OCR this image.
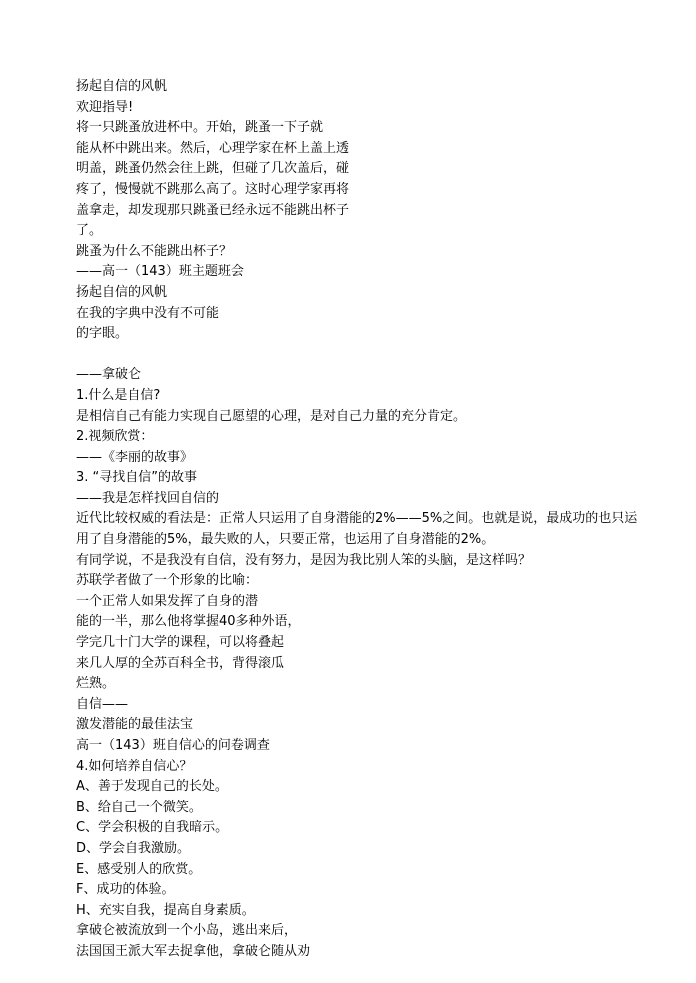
扬起自信的风帆
欢迎指导!
将一只跳蚤放进杯中。开始，跳蚤一下子就
能从杯中跳出来。然后，心理学家在杯上盖上透
明盖，跳蚤仍然会往上跳，但碰了几次盖后，碰
疼了，慢慢就不跳那么高了。这时心理学家再将
盖拿走，却发现那只跳蚤已经永远不能跳出杯子
了。
跳蚤为什么不能跳出杯子？
——高一（143）班主题班会
扬起自信的风帆
在我的字典中没有不可能
的字眼。
——拿破仑
1.什么是自信?
是相信自己有能力实现自己愿望的心理，是对自己力量的充分肯定。
2.视频欣赏：
——《李丽的故事》
3. “寻找自信”的故事
——我是怎样找回自信的
近代比较权威的看法是：正常人只运用了自身潜能的2%——5%之间。也就是说，最成功的也只运
用了自身潜能的5%，最失败的人，只要正常，也运用了自身潜能的2%。
有同学说，不是我没有自信，没有努力，是因为我比别人笨的头脑，是这样吗？
苏联学者做了一个形象的比喻：
一个正常人如果发挥了自身的潜
能的一半，那么他将掌握40多种外语，
学完几十门大学的课程，可以将叠起
来几人厚的全苏百科全书，背得滚瓜
烂熟。
自信——
激发潜能的最佳法宝
高一（143）班自信心的问卷调查
4.如何培养自信心？
A、善于发现自己的长处。
B、给自己一个微笑。
C、学会积极的自我暗示。
D、学会自我激励。
E、感受别人的欣赏。
F、成功的体验。
H、充实自我，提高自身素质。
拿破仑被流放到一个小岛，逃出来后，
法国国王派大军去捉拿他，拿破仑随从劝
